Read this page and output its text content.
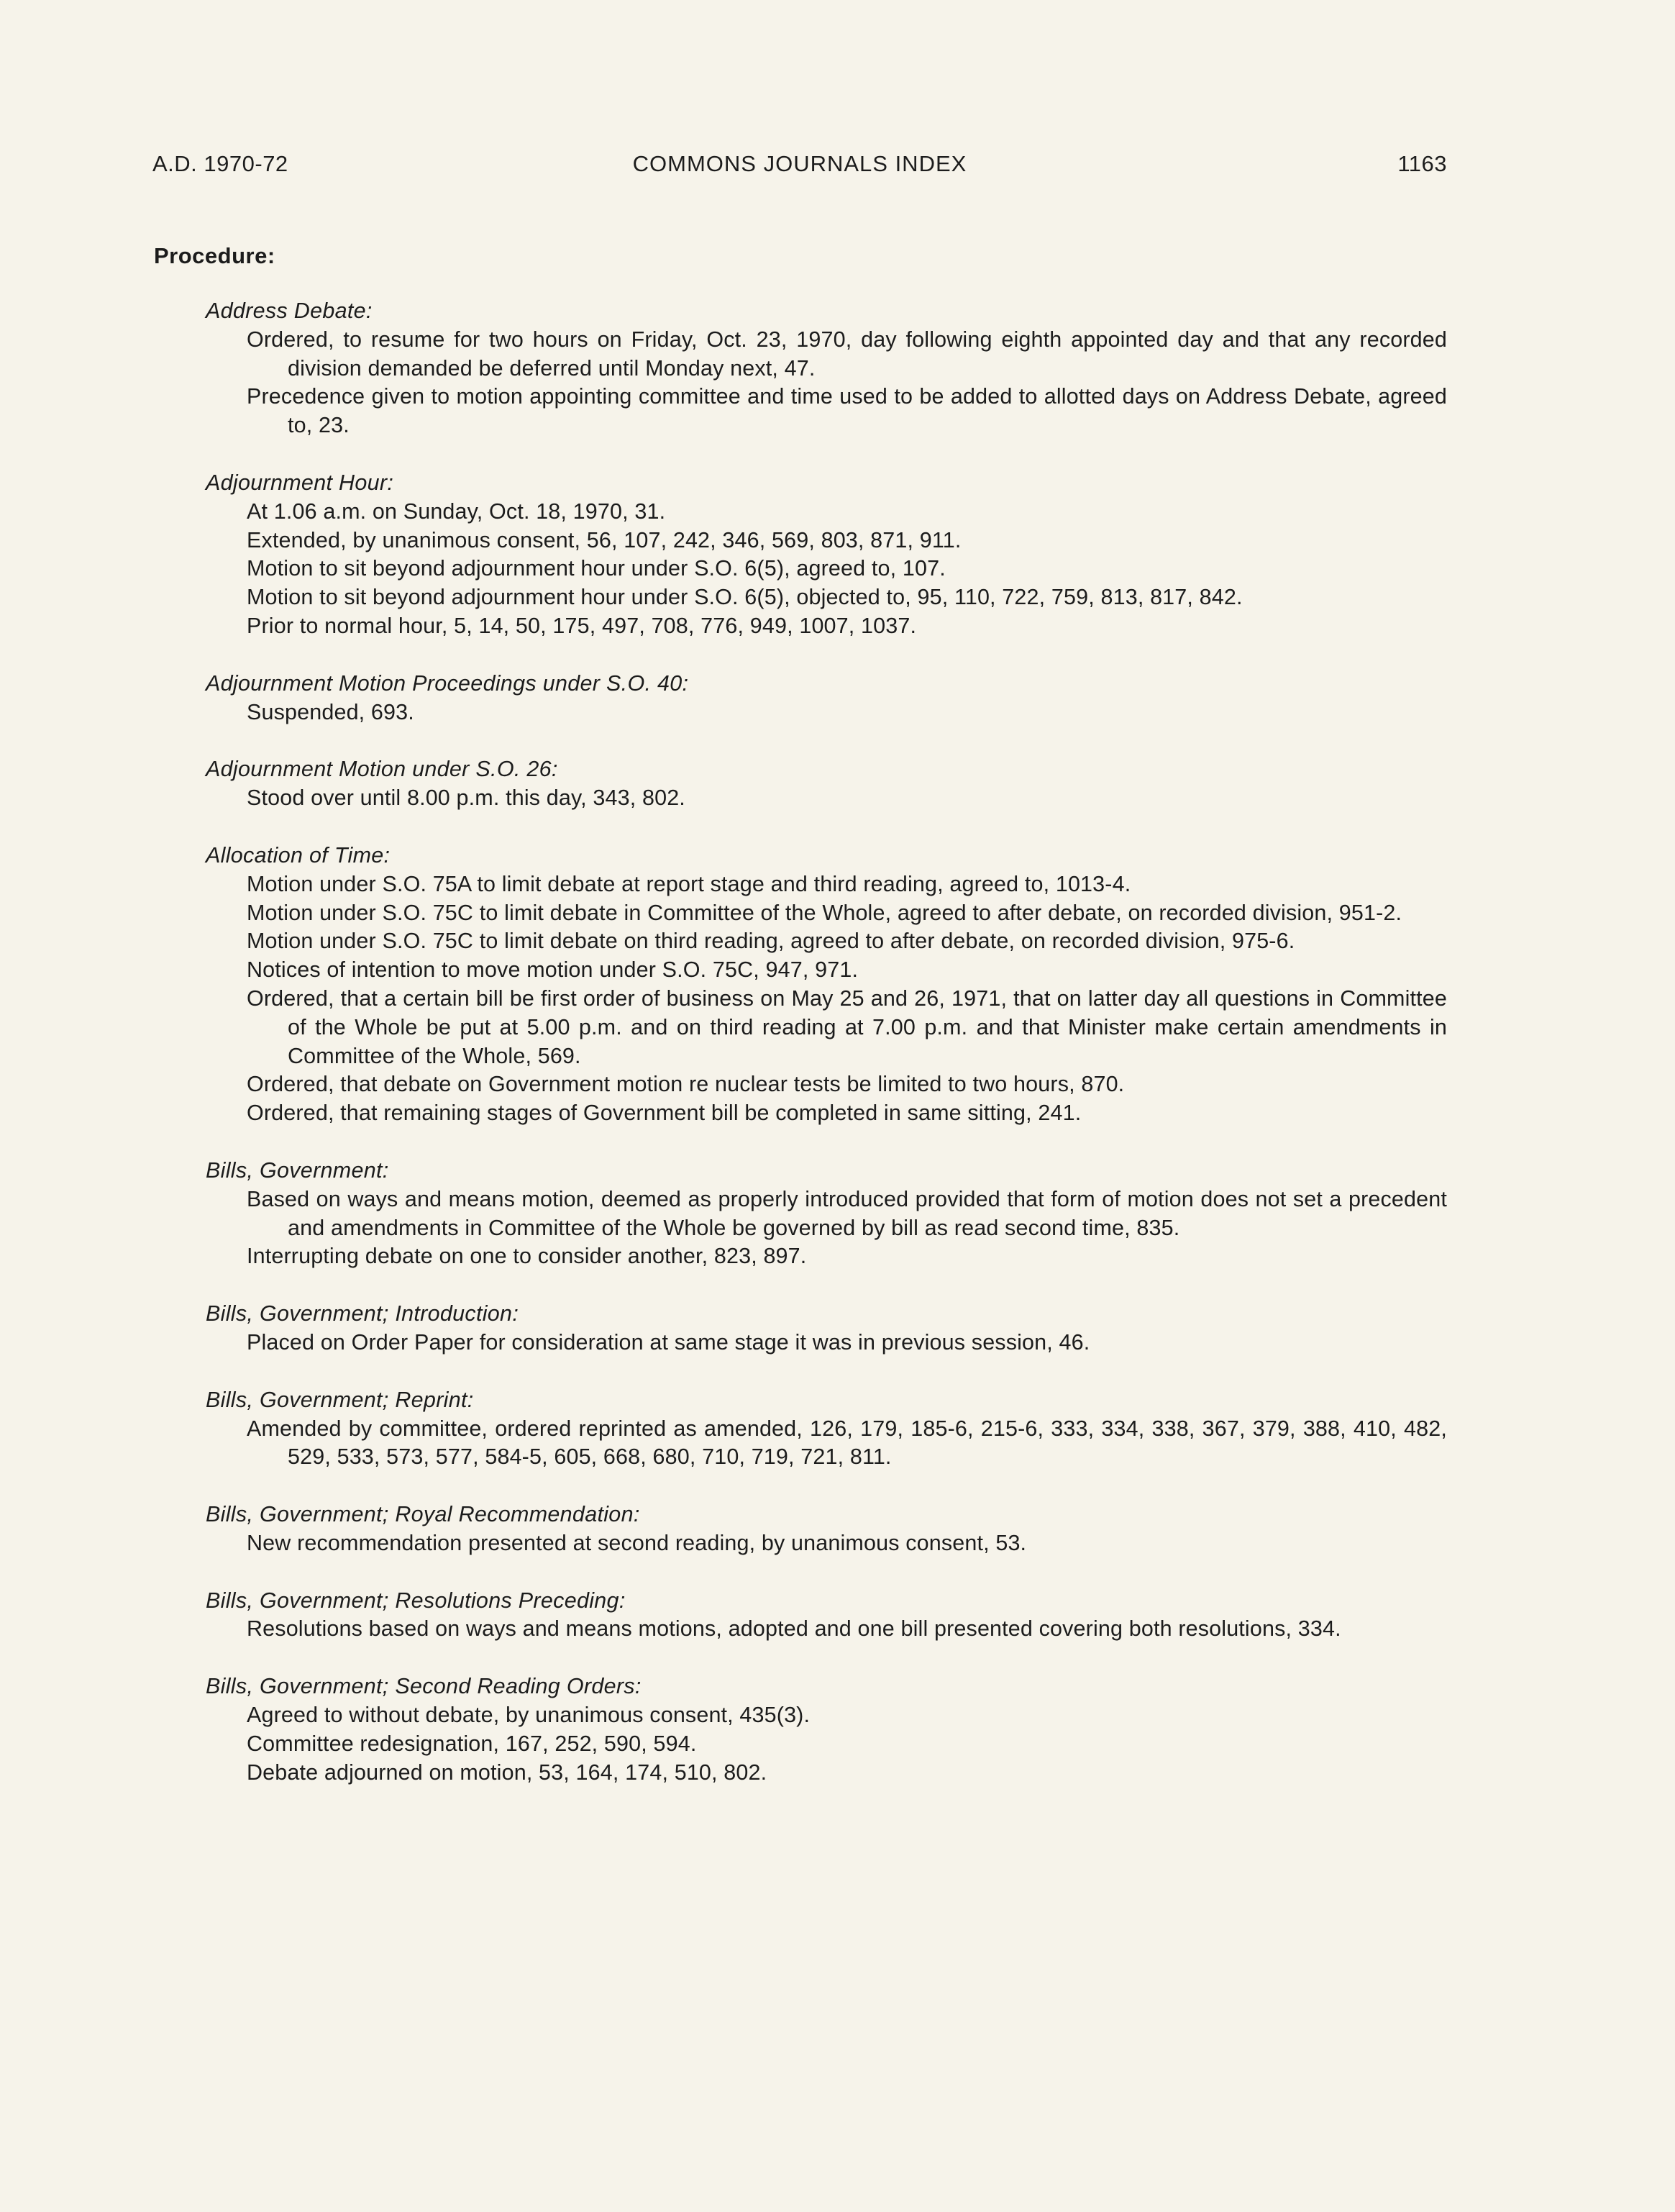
A.D. 1970-72	COMMONS JOURNALS INDEX	1163
Procedure:
Address Debate:
Ordered, to resume for two hours on Friday, Oct. 23, 1970, day following eighth appointed day and that any recorded division demanded be deferred until Monday next, 47.
Precedence given to motion appointing committee and time used to be added to allotted days on Address Debate, agreed to, 23.
Adjournment Hour:
At 1.06 a.m. on Sunday, Oct. 18, 1970, 31.
Extended, by unanimous consent, 56, 107, 242, 346, 569, 803, 871, 911.
Motion to sit beyond adjournment hour under S.O. 6(5), agreed to, 107.
Motion to sit beyond adjournment hour under S.O. 6(5), objected to, 95, 110, 722, 759, 813, 817, 842.
Prior to normal hour, 5, 14, 50, 175, 497, 708, 776, 949, 1007, 1037.
Adjournment Motion Proceedings under S.O. 40:
Suspended, 693.
Adjournment Motion under S.O. 26:
Stood over until 8.00 p.m. this day, 343, 802.
Allocation of Time:
Motion under S.O. 75A to limit debate at report stage and third reading, agreed to, 1013-4.
Motion under S.O. 75C to limit debate in Committee of the Whole, agreed to after debate, on recorded division, 951-2.
Motion under S.O. 75C to limit debate on third reading, agreed to after debate, on recorded division, 975-6.
Notices of intention to move motion under S.O. 75C, 947, 971.
Ordered, that a certain bill be first order of business on May 25 and 26, 1971, that on latter day all questions in Committee of the Whole be put at 5.00 p.m. and on third reading at 7.00 p.m. and that Minister make certain amendments in Committee of the Whole, 569.
Ordered, that debate on Government motion re nuclear tests be limited to two hours, 870.
Ordered, that remaining stages of Government bill be completed in same sitting, 241.
Bills, Government:
Based on ways and means motion, deemed as properly introduced provided that form of motion does not set a precedent and amendments in Committee of the Whole be governed by bill as read second time, 835.
Interrupting debate on one to consider another, 823, 897.
Bills, Government; Introduction:
Placed on Order Paper for consideration at same stage it was in previous session, 46.
Bills, Government; Reprint:
Amended by committee, ordered reprinted as amended, 126, 179, 185-6, 215-6, 333, 334, 338, 367, 379, 388, 410, 482, 529, 533, 573, 577, 584-5, 605, 668, 680, 710, 719, 721, 811.
Bills, Government; Royal Recommendation:
New recommendation presented at second reading, by unanimous consent, 53.
Bills, Government; Resolutions Preceding:
Resolutions based on ways and means motions, adopted and one bill presented covering both resolutions, 334.
Bills, Government; Second Reading Orders:
Agreed to without debate, by unanimous consent, 435(3).
Committee redesignation, 167, 252, 590, 594.
Debate adjourned on motion, 53, 164, 174, 510, 802.
